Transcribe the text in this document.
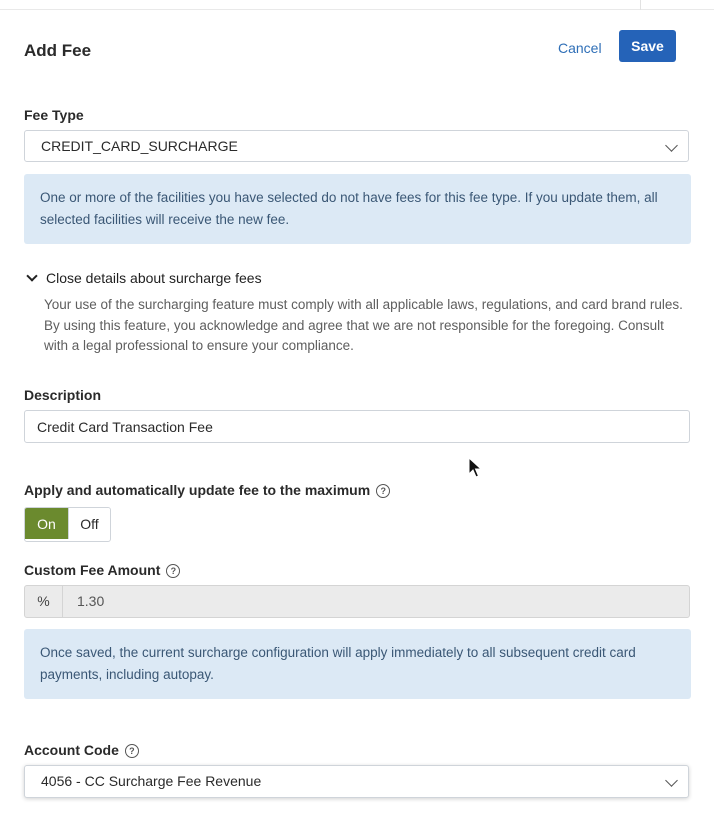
Add Fee	Cancel	Save
Fee Type
CREDIT_CARD_SURCHARGE
One or more of the facilities you have selected do not have fees for this fee type. If you update them, all selected facilities will receive the new fee.
Close details about surcharge fees

Your use of the surcharging feature must comply with all applicable laws, regulations, and card brand rules. By using this feature, you acknowledge and agree that we are not responsible for the foregoing. Consult with a legal professional to ensure your compliance.

Description
Credit Card Transaction Fee
Apply and automatically update fee to the maximum ?
On	Off
Custom Fee Amount ?
%	1.30
Once saved, the current surcharge configuration will apply immediately to all subsequent credit card payments, including autopay.
Account Code ?
4056 - CC Surcharge Fee Revenue
